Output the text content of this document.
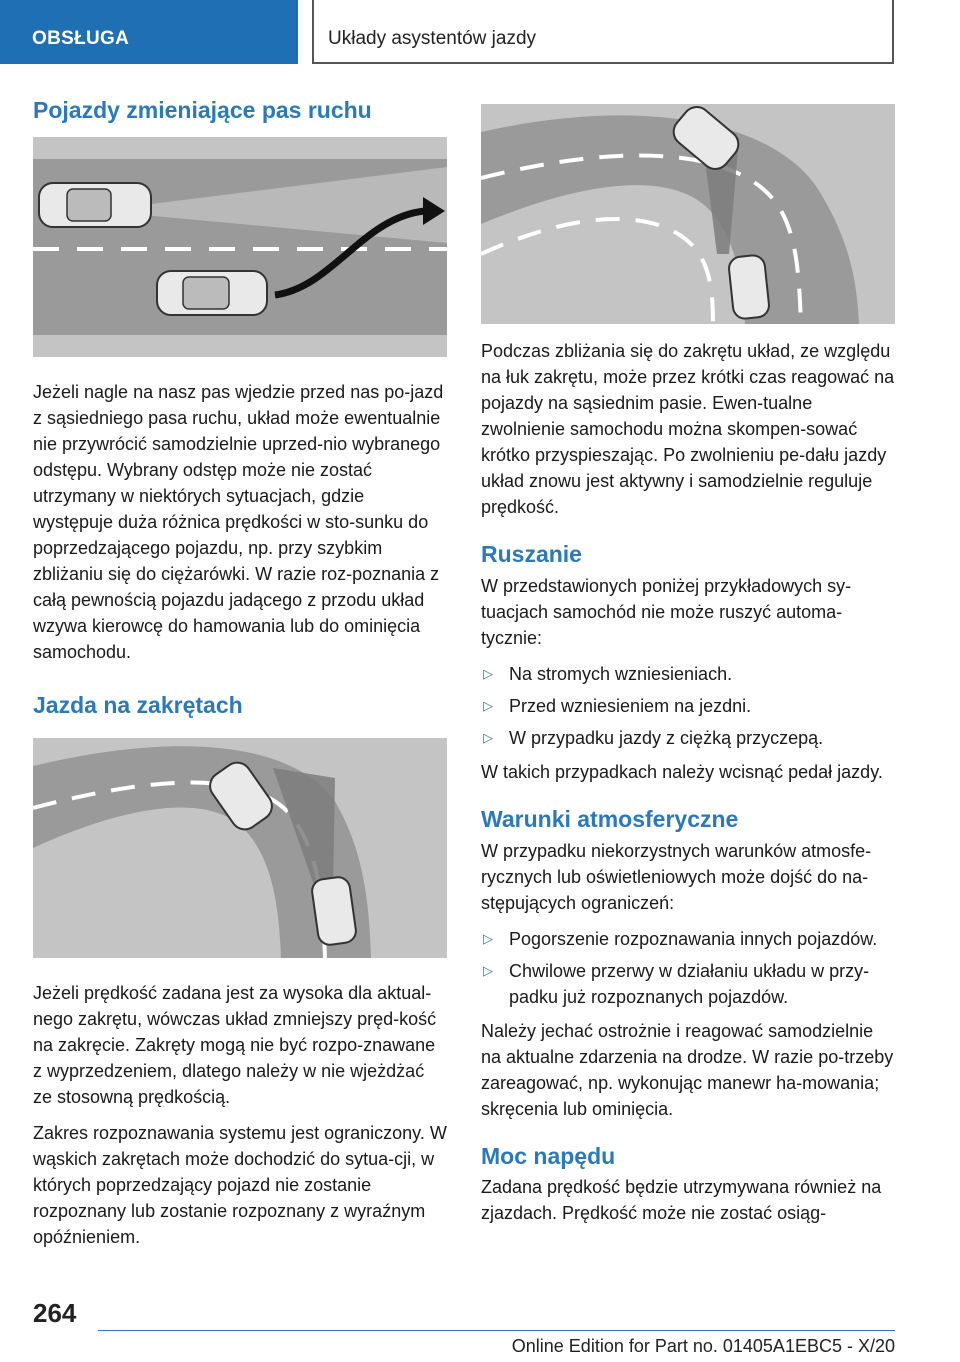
OBSŁUGA	Układy asystentów jazdy
Pojazdy zmieniające pas ruchu

Jeżeli nagle na nasz pas wjedzie przed nas po-jazd z sąsiedniego pasa ruchu, układ może ewentualnie nie przywrócić samodzielnie uprzed-nio wybranego odstępu. Wybrany odstęp może nie zostać utrzymany w niektórych sytuacjach, gdzie występuje duża różnica prędkości w sto-sunku do poprzedzającego pojazdu, np. przy szybkim zbliżaniu się do ciężarówki. W razie roz-poznania z całą pewnością pojazdu jadącego z przodu układ wzywa kierowcę do hamowania lub do ominięcia samochodu.

Jazda na zakrętach

Jeżeli prędkość zadana jest za wysoka dla aktual-nego zakrętu, wówczas układ zmniejszy pręd-kość na zakręcie. Zakręty mogą nie być rozpo-znawane z wyprzedzeniem, dlatego należy w nie wjeżdżać ze stosowną prędkością.

Zakres rozpoznawania systemu jest ograniczony. W wąskich zakrętach może dochodzić do sytua-cji, w których poprzedzający pojazd nie zostanie rozpoznany lub zostanie rozpoznany z wyraźnym opóźnieniem.

Podczas zbliżania się do zakrętu układ, ze względu na łuk zakrętu, może przez krótki czas reagować na pojazdy na sąsiednim pasie. Ewen-tualne zwolnienie samochodu można skompen-sować krótko przyspieszając. Po zwolnieniu pe-dału jazdy układ znowu jest aktywny i samodzielnie reguluje prędkość.

Ruszanie

W przedstawionych poniżej przykładowych sy-tuacjach samochód nie może ruszyć automa-tycznie:

▷ Na stromych wzniesieniach.
▷ Przed wzniesieniem na jezdni.
▷ W przypadku jazdy z ciężką przyczepą.

W takich przypadkach należy wcisnąć pedał jazdy.

Warunki atmosferyczne

W przypadku niekorzystnych warunków atmosfe-rycznych lub oświetleniowych może dojść do na-stępujących ograniczeń:

▷ Pogorszenie rozpoznawania innych pojazdów.
▷ Chwilowe przerwy w działaniu układu w przy-padku już rozpoznanych pojazdów.

Należy jechać ostrożnie i reagować samodzielnie na aktualne zdarzenia na drodze. W razie po-trzeby zareagować, np. wykonując manewr ha-mowania; skręcenia lub ominięcia.

Moc napędu

Zadana prędkość będzie utrzymywana również na zjazdach. Prędkość może nie zostać osiąg-

264
Online Edition for Part no. 01405A1EBC5 - X/20
